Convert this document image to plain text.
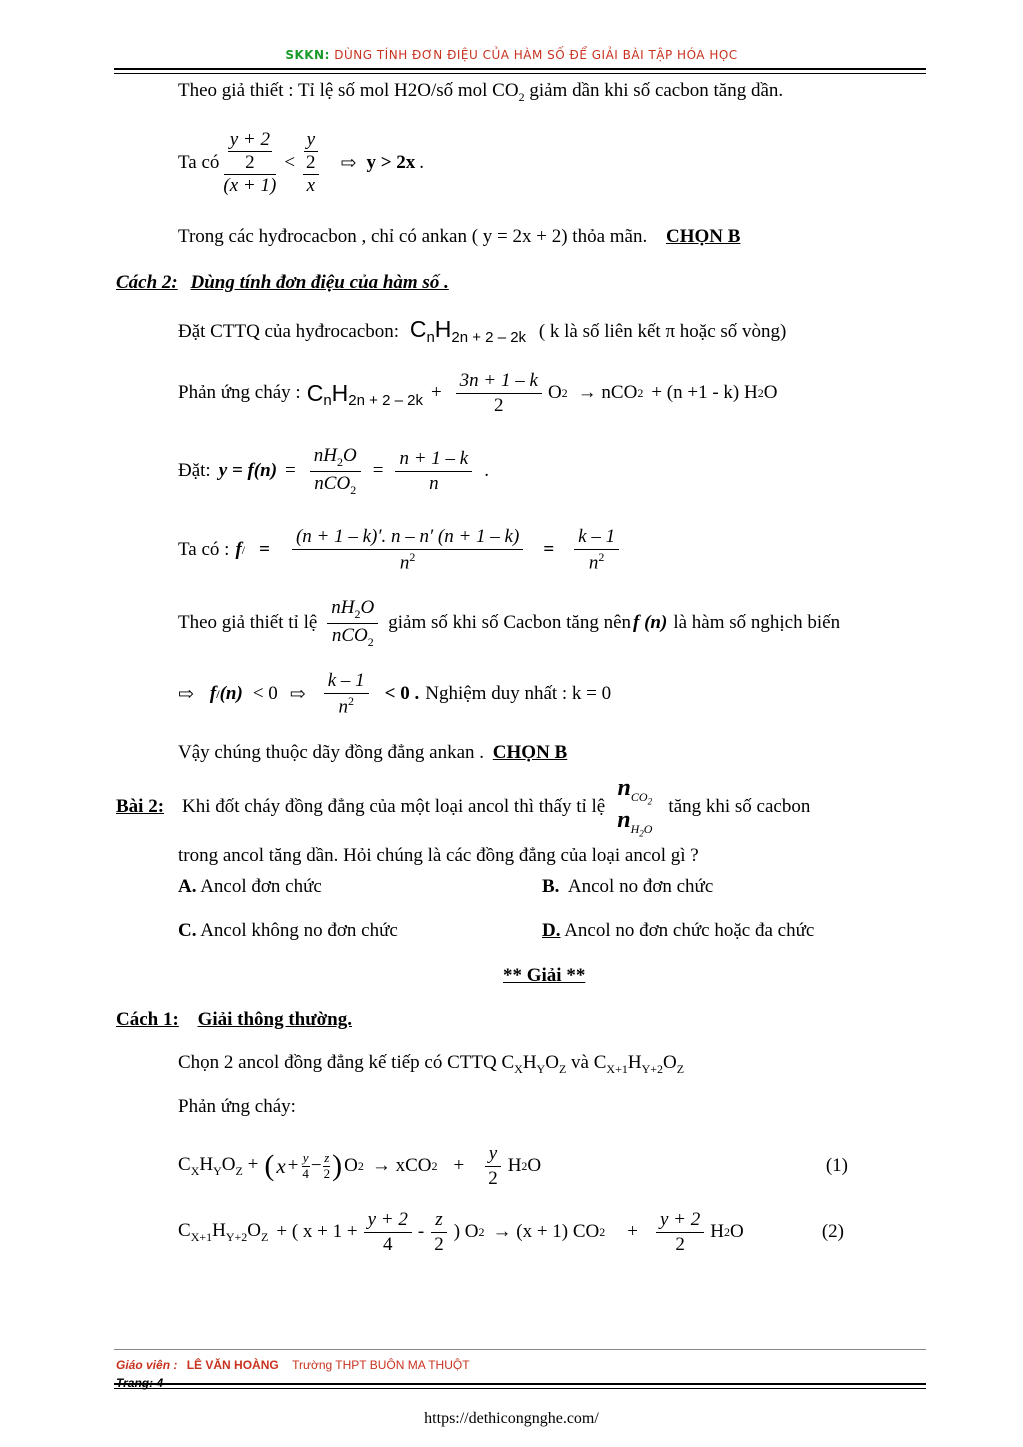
SKKN: DÙNG TÍNH ĐƠN ĐIỆU CỦA HÀM SỐ ĐỂ GIẢI BÀI TẬP HÓA HỌC
Theo giả thiết : Tỉ lệ số mol H2O/số mol $CO_2$ giảm dần khi số cacbon tăng dần.
Ta có
y + 2
2
(x + 1)
<
y
2
x
⇨ y > 2x .
Trong các hyđrocacbon , chỉ có ankan ( y = 2x + 2) thỏa mãn. CHỌN B
Cách 2: Dùng tính đơn điệu của hàm số .
Đặt CTTQ của hyđrocacbon: $C_nH_{2n + 2 - 2k}$ ( k là số liên kết π hoặc số vòng)
Phản ứng cháy : $C_n$ $H_{2n + 2 - 2k} + \frac{3n + 1 - k}{2}$ O 2 → nCO 2 + (n +1 - k) H 2 O
Đặt: $y = f(n) = \frac{nH_2O}{nCO_2} = \frac{n + 1 - k}{n}$ .
Ta có : f / = $\frac{(n + 1 - k)'. n - n' (n + 1 - k)}{n^2} = \frac{k - 1}{n^2}$
Theo giả thiết tỉ lệ $\frac{nH_2O}{nCO_2}$ giảm số khi số Cacbon tăng nên f (n) là hàm số nghịch biến
⇨ f / (n) < 0 ⇨ $\frac{k - 1}{n^2} < 0$ . Nghiệm duy nhất : k = 0
Vậy chúng thuộc dãy đồng đẳng ankan . CHỌN B
Bài 2: Khi đốt cháy đồng đẳng của một loại ancol thì thấy tỉ lệ
$n_{CO_2}$
$n_{H_2O}$
tăng khi số cacbon
trong ancol tăng dần. Hỏi chúng là các đồng đẳng của loại ancol gì ?
A. Ancol đơn chức	B. Ancol no đơn chức
C. Ancol không no đơn chức	D. Ancol no đơn chức hoặc đa chức
** Giải **
Cách 1: Giải thông thường.
Chọn 2 ancol đồng đẳng kế tiếp có CTTQ $C_XH_YO_Z$ và $C_{X+1}H_{Y+2}O_Z$
Phản ứng cháy:
$C_XH_YO_Z$ + ( $x + \frac{y}{4} - \frac{z}{2}$ ) O 2 → xCO $2 + \frac{y}{2}$ H 2 O	(1)
$C_{X+1}H_{Y+2}O_Z$ + ( $x + 1 + \frac{y + 2}{4} - \frac{z}{2}$ ) O 2 → (x + 1) CO $2 + \frac{y + 2}{2}$ H 2 O	(2)
Giáo viên : LÊ VĂN HOÀNG Trường THPT BUÔN MA THUỘT
https://dethicongnghe.com/
